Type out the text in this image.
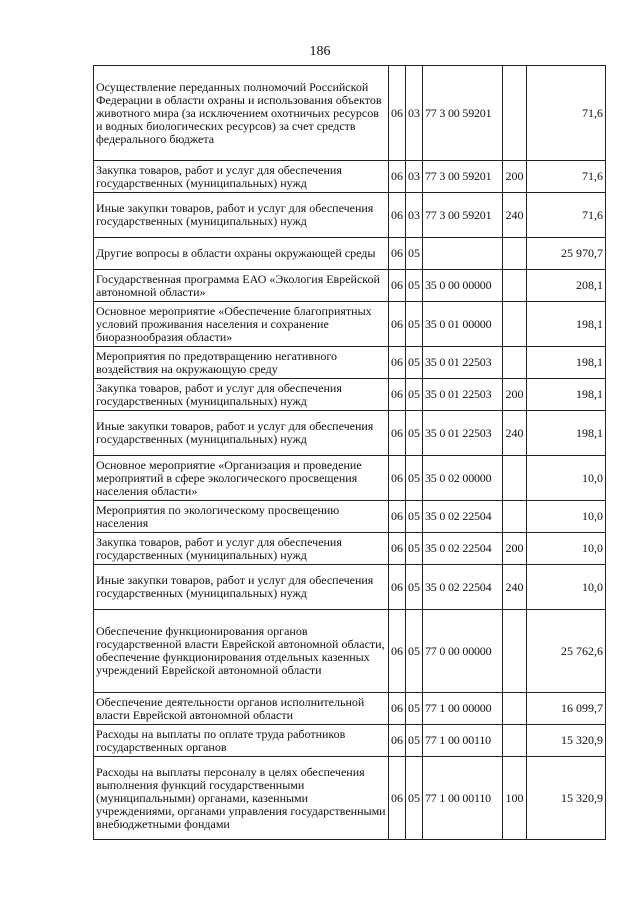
186
Осуществление переданных полномочий Российской Федерации в области охраны и использования объектов животного мира (за исключением охотничьих ресурсов и водных биологических ресурсов) за счет средств федерального бюджета	06	03	77 3 00 59201		71,6
Закупка товаров, работ и услуг для обеспечения государственных (муниципальных) нужд	06	03	77 3 00 59201	200	71,6
Иные закупки товаров, работ и услуг для обеспечения государственных (муниципальных) нужд	06	03	77 3 00 59201	240	71,6
Другие вопросы в области охраны окружающей среды	06	05			25 970,7
Государственная программа ЕАО «Экология Еврейской автономной области»	06	05	35 0 00 00000		208,1
Основное мероприятие «Обеспечение благоприятных условий проживания населения и сохранение биоразнообразия области»	06	05	35 0 01 00000		198,1
Мероприятия по предотвращению негативного воздействия на окружающую среду	06	05	35 0 01 22503		198,1
Закупка товаров, работ и услуг для обеспечения государственных (муниципальных) нужд	06	05	35 0 01 22503	200	198,1
Иные закупки товаров, работ и услуг для обеспечения государственных (муниципальных) нужд	06	05	35 0 01 22503	240	198,1
Основное мероприятие «Организация и проведение мероприятий в сфере экологического просвещения населения области»	06	05	35 0 02 00000		10,0
Мероприятия по экологическому просвещению населения	06	05	35 0 02 22504		10,0
Закупка товаров, работ и услуг для обеспечения государственных (муниципальных) нужд	06	05	35 0 02 22504	200	10,0
Иные закупки товаров, работ и услуг для обеспечения государственных (муниципальных) нужд	06	05	35 0 02 22504	240	10,0
Обеспечение функционирования органов государственной власти Еврейской автономной области, обеспечение функционирования отдельных казенных учреждений Еврейской автономной области	06	05	77 0 00 00000		25 762,6
Обеспечение деятельности органов исполнительной власти Еврейской автономной области	06	05	77 1 00 00000		16 099,7
Расходы на выплаты по оплате труда работников государственных органов	06	05	77 1 00 00110		15 320,9
Расходы на выплаты персоналу в целях обеспечения выполнения функций государственными (муниципальными) органами, казенными учреждениями, органами управления государственными внебюджетными фондами	06	05	77 1 00 00110	100	15 320,9
